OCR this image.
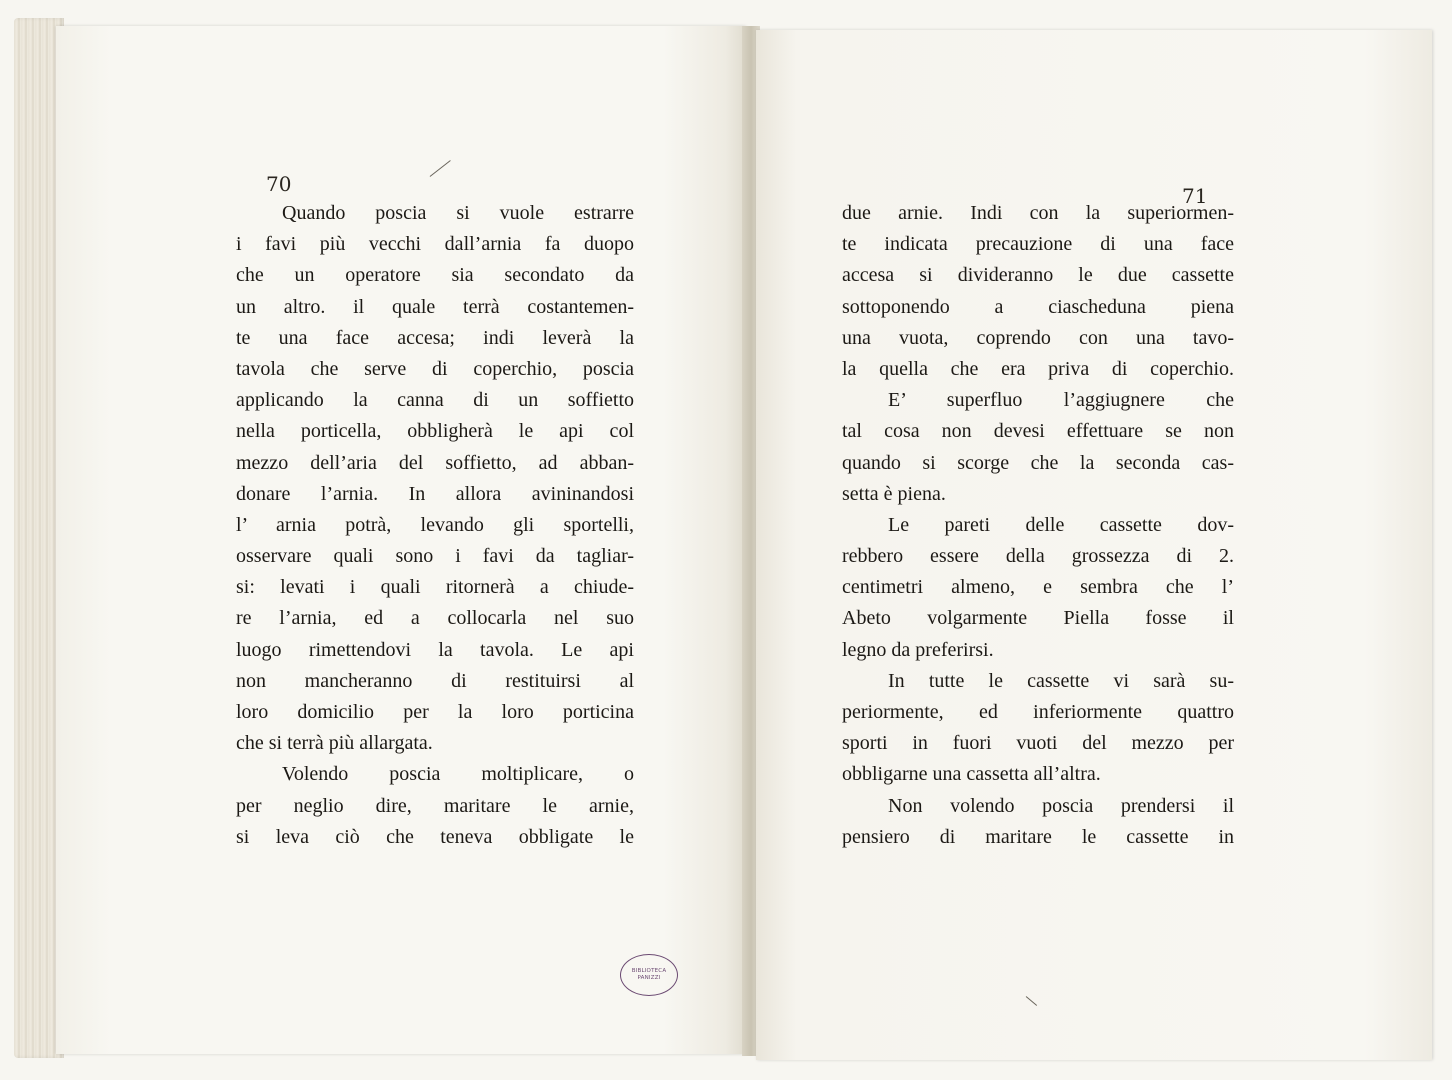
70
Quando poscia si vuole estrarre
i favi più vecchi dall’arnia fa duopo
che un operatore sia secondato da
un altro. il quale terrà costantemen-
te una face accesa; indi leverà la
tavola che serve di coperchio, poscia
applicando la canna di un soffietto
nella porticella, obbligherà le api col
mezzo dell’aria del soffietto, ad abban-
donare l’arnia. In allora avininandosi
l’ arnia potrà, levando gli sportelli,
osservare quali sono i favi da tagliar-
si: levati i quali ritornerà a chiude-
re l’arnia, ed a collocarla nel suo
luogo rimettendovi la tavola. Le api
non mancheranno di restituirsi al
loro domicilio per la loro porticina
che si terrà più allargata.
Volendo poscia moltiplicare, o
per neglio dire, maritare le arnie,
si leva ciò che teneva obbligate le
BIBLIOTECA
PANIZZI
71
due arnie. Indi con la superiormen-
te indicata precauzione di una face
accesa si divideranno le due cassette
sottoponendo a ciascheduna piena
una vuota, coprendo con una tavo-
la quella che era priva di coperchio.
E’ superfluo l’aggiugnere che
tal cosa non devesi effettuare se non
quando si scorge che la seconda cas-
setta è piena.
Le pareti delle cassette dov-
rebbero essere della grossezza di 2.
centimetri almeno, e sembra che l’
Abeto volgarmente Piella fosse il
legno da preferirsi.
In tutte le cassette vi sarà su-
periormente, ed inferiormente quattro
sporti in fuori vuoti del mezzo per
obbligarne una cassetta all’altra.
Non volendo poscia prendersi il
pensiero di maritare le cassette in
